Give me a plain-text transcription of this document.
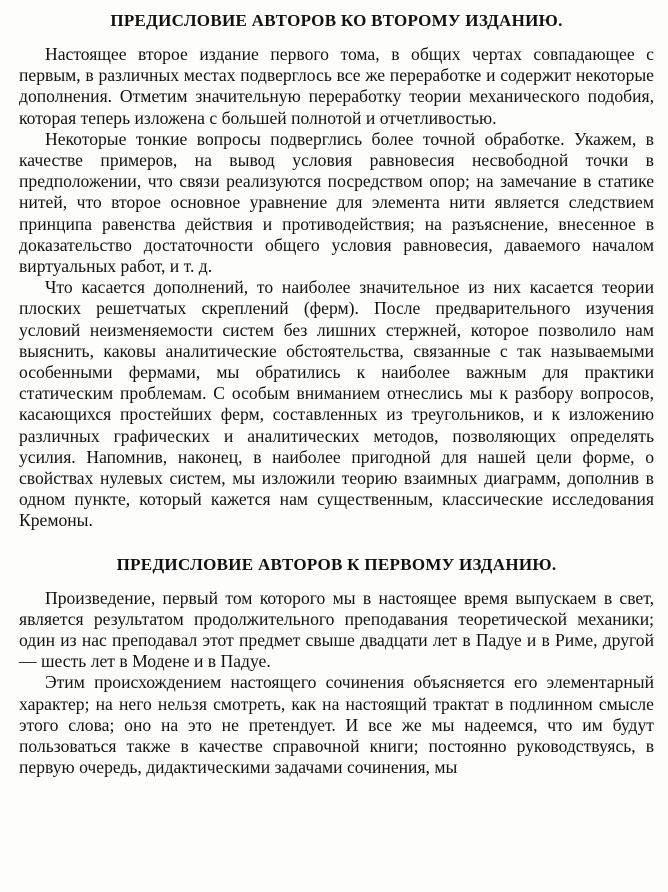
ПРЕДИСЛОВИЕ АВТОРОВ КО ВТОРОМУ ИЗДАНИЮ.

Настоящее второе издание первого тома, в общих чертах совпадающее с первым, в различных местах подверглось все же переработке и содержит некоторые дополнения. Отметим значительную переработку теории механического подобия, которая теперь изложена с большей полнотой и отчетливостью.

Некоторые тонкие вопросы подверглись более точной обработке. Укажем, в качестве примеров, на вывод условия равновесия несвободной точки в предположении, что связи реализуются посредством опор; на замечание в статике нитей, что второе основное уравнение для элемента нити является следствием принципа равенства действия и противодействия; на разъяснение, внесенное в доказательство достаточности общего условия равновесия, даваемого началом виртуальных работ, и т. д.

Что касается дополнений, то наиболее значительное из них касается теории плоских решетчатых скреплений (ферм). После предварительного изучения условий неизменяемости систем без лишних стержней, которое позволило нам выяснить, каковы аналитические обстоятельства, связанные с так называемыми особенными фермами, мы обратились к наиболее важным для практики статическим проблемам. С особым вниманием отнеслись мы к разбору вопросов, касающихся простейших ферм, составленных из треугольников, и к изложению различных графических и аналитических методов, позволяющих определять усилия. Напомнив, наконец, в наиболее пригодной для нашей цели форме, о свойствах нулевых систем, мы изложили теорию взаимных диаграмм, дополнив в одном пункте, который кажется нам существенным, классические исследования Кремоны.

ПРЕДИСЛОВИЕ АВТОРОВ К ПЕРВОМУ ИЗДАНИЮ.

Произведение, первый том которого мы в настоящее время выпускаем в свет, является результатом продолжительного преподавания теоретической механики; один из нас преподавал этот предмет свыше двадцати лет в Падуе и в Риме, другой — шесть лет в Модене и в Падуе.

Этим происхождением настоящего сочинения объясняется его элементарный характер; на него нельзя смотреть, как на настоящий трактат в подлинном смысле этого слова; оно на это не претендует. И все же мы надеемся, что им будут пользоваться также в качестве справочной книги; постоянно руководствуясь, в первую очередь, дидактическими задачами сочинения, мы
